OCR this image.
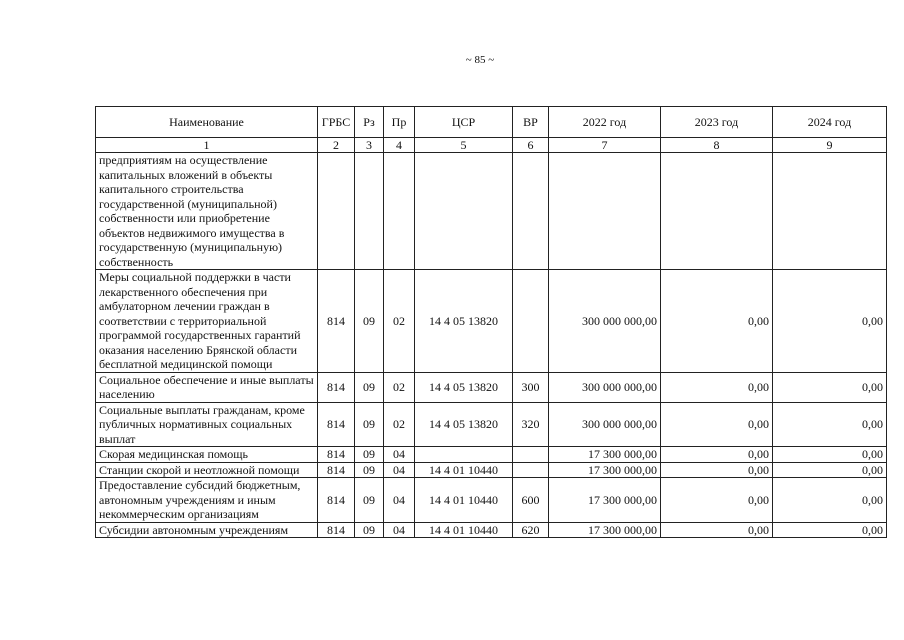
~ 85 ~
Наименование	ГРБС	Рз	Пр	ЦСР	ВР	2022 год	2023 год	2024 год
1	2	3	4	5	6	7	8	9
предприятиям на осуществление капитальных вложений в объекты капитального строительства государственной (муниципальной) собственности или приобретение объектов недвижимого имущества в государственную (муниципальную) собственность								
Меры социальной поддержки в части лекарственного обеспечения при амбулаторном лечении граждан в соответствии с территориальной программой государственных гарантий оказания населению Брянской области бесплатной медицинской помощи	814	09	02	14 4 05 13820		300 000 000,00	0,00	0,00
Социальное обеспечение и иные выплаты населению	814	09	02	14 4 05 13820	300	300 000 000,00	0,00	0,00
Социальные выплаты гражданам, кроме публичных нормативных социальных выплат	814	09	02	14 4 05 13820	320	300 000 000,00	0,00	0,00
Скорая медицинская помощь	814	09	04			17 300 000,00	0,00	0,00
Станции скорой и неотложной помощи	814	09	04	14 4 01 10440		17 300 000,00	0,00	0,00
Предоставление субсидий бюджетным, автономным учреждениям и иным некоммерческим организациям	814	09	04	14 4 01 10440	600	17 300 000,00	0,00	0,00
Субсидии автономным учреждениям	814	09	04	14 4 01 10440	620	17 300 000,00	0,00	0,00
